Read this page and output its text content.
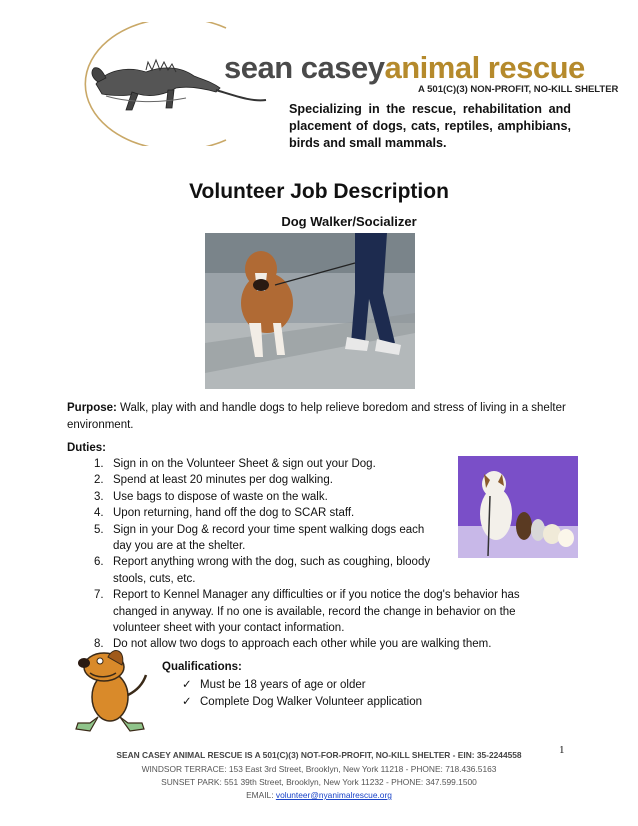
sean caseyanimal rescue
A 501(C)(3) NON-PROFIT, NO-KILL SHELTER
Specializing in the rescue, rehabilitation and placement of dogs, cats, reptiles, amphibians, birds and small mammals.
Volunteer Job Description
Dog Walker/Socializer
Purpose: Walk, play with and handle dogs to help relieve boredom and stress of living in a shelter environment.
Duties:
1. Sign in on the Volunteer Sheet & sign out your Dog.
2. Spend at least 20 minutes per dog walking.
3. Use bags to dispose of waste on the walk.
4. Upon returning, hand off the dog to SCAR staff.
5. Sign in your Dog & record your time spent walking dogs each day you are at the shelter.
6. Report anything wrong with the dog, such as coughing, bloody stools, cuts, etc.
7. Report to Kennel Manager any difficulties or if you notice the dog's behavior has changed in anyway. If no one is available, record the change in behavior on the volunteer sheet with your contact information.
8. Do not allow two dogs to approach each other while you are walking them.
Qualifications:
✓ Must be 18 years of age or older
✓ Complete Dog Walker Volunteer application
1
SEAN CASEY ANIMAL RESCUE IS A 501(C)(3) NOT-FOR-PROFIT, NO-KILL SHELTER - EIN: 35-2244558
WINDSOR TERRACE: 153 East 3rd Street, Brooklyn, New York 11218 - PHONE: 718.436.5163
SUNSET PARK: 551 39th Street, Brooklyn, New York 11232 - PHONE: 347.599.1500
EMAIL: volunteer@nyanimalrescue.org
